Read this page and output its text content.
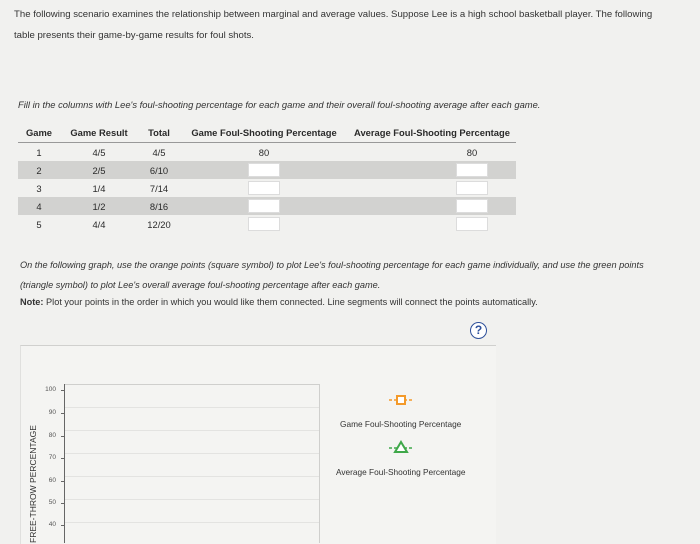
The following scenario examines the relationship between marginal and average values. Suppose Lee is a high school basketball player. The following table presents their game-by-game results for foul shots.
Fill in the columns with Lee's foul-shooting percentage for each game and their overall foul-shooting average after each game.
Game	Game Result	Total	Game Foul-Shooting Percentage	Average Foul-Shooting Percentage
1	4/5	4/5	80	80
2	2/5	6/10		
3	1/4	7/14		
4	1/2	8/16		
5	4/4	12/20		
On the following graph, use the orange points (square symbol) to plot Lee's foul-shooting percentage for each game individually, and use the green points (triangle symbol) to plot Lee's overall average foul-shooting percentage after each game.
Note: Plot your points in the order in which you would like them connected. Line segments will connect the points automatically.
?
100
90
80
70
60
50
40
FREE-THROW PERCENTAGE
Game Foul-Shooting Percentage
Average Foul-Shooting Percentage
